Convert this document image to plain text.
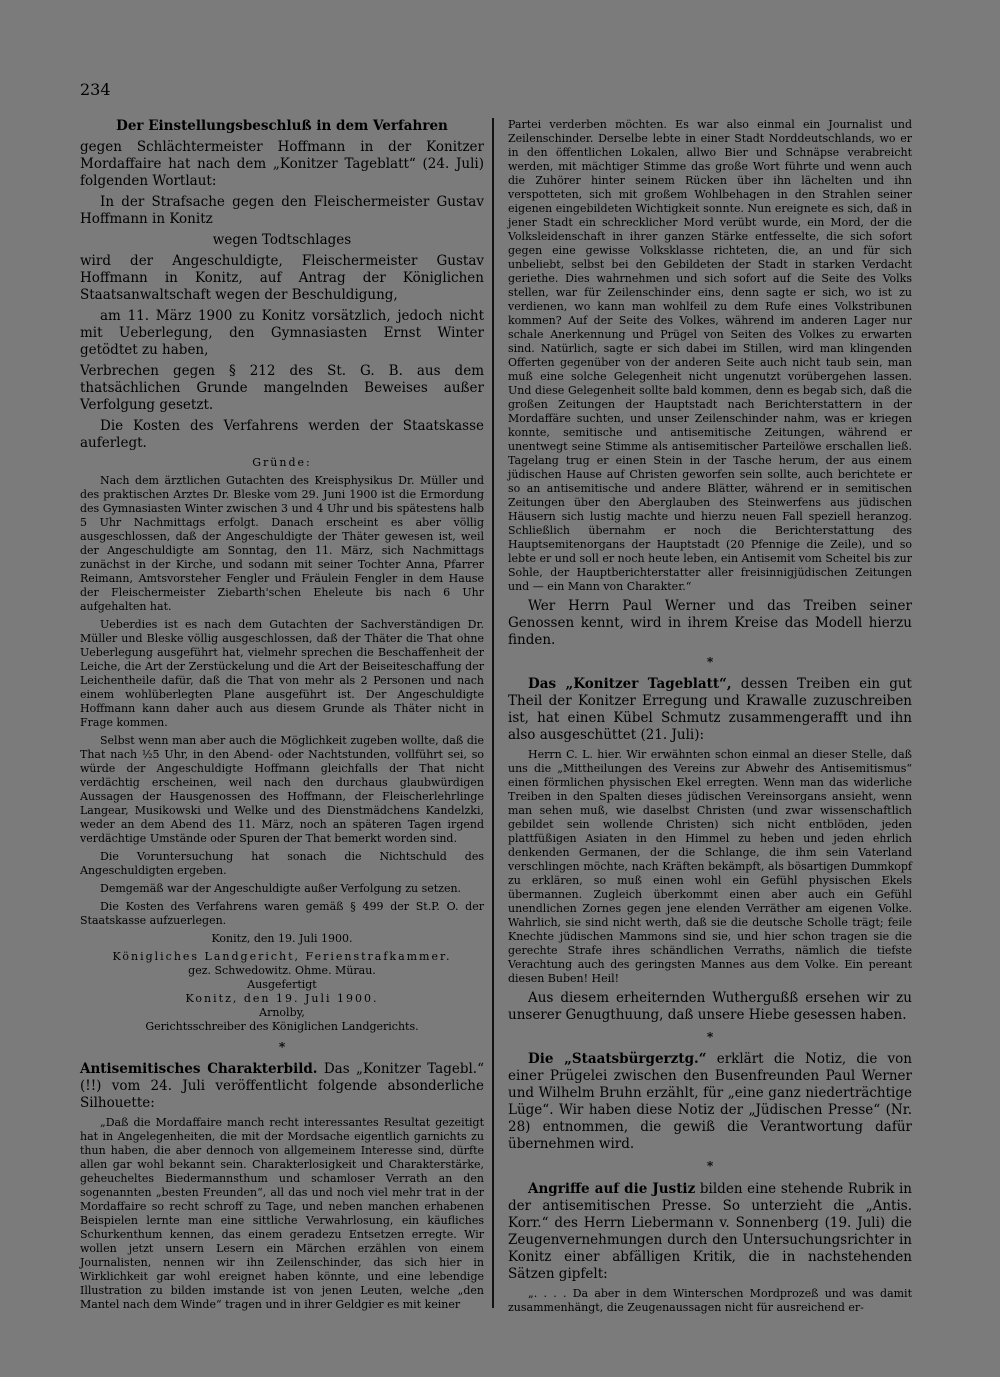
234

Der Einstellungsbeschluß in dem Verfahren

gegen Schlächtermeister Hoffmann in der Konitzer Mordaffaire hat nach dem „Konitzer Tageblatt“ (24. Juli) folgenden Wortlaut:

In der Strafsache gegen den Fleischermeister Gustav Hoffmann in Konitz

wegen Todtschlages

wird der Angeschuldigte, Fleischermeister Gustav Hoffmann in Konitz, auf Antrag der Königlichen Staatsanwaltschaft wegen der Beschuldigung,

am 11. März 1900 zu Konitz vorsätzlich, jedoch nicht mit Ueberlegung, den Gymnasiasten Ernst Winter getödtet zu haben,

Verbrechen gegen § 212 des St. G. B. aus dem thatsächlichen Grunde mangelnden Beweises außer Verfolgung gesetzt.

Die Kosten des Verfahrens werden der Staatskasse auferlegt.

Gründe:

Nach dem ärztlichen Gutachten des Kreisphysikus Dr. Müller und des praktischen Arztes Dr. Bleske vom 29. Juni 1900 ist die Ermordung des Gymnasiasten Winter zwischen 3 und 4 Uhr und bis spätestens halb 5 Uhr Nachmittags erfolgt. Danach erscheint es aber völlig ausgeschlossen, daß der Angeschuldigte der Thäter gewesen ist, weil der Angeschuldigte am Sonntag, den 11. März, sich Nachmittags zunächst in der Kirche, und sodann mit seiner Tochter Anna, Pfarrer Reimann, Amtsvorsteher Fengler und Fräulein Fengler in dem Hause der Fleischermeister Ziebarth'schen Eheleute bis nach 6 Uhr aufgehalten hat.

Ueberdies ist es nach dem Gutachten der Sachverständigen Dr. Müller und Bleske völlig ausgeschlossen, daß der Thäter die That ohne Ueberlegung ausgeführt hat, vielmehr sprechen die Beschaffenheit der Leiche, die Art der Zerstückelung und die Art der Beiseiteschaffung der Leichentheile dafür, daß die That von mehr als 2 Personen und nach einem wohlüberlegten Plane ausgeführt ist. Der Angeschuldigte Hoffmann kann daher auch aus diesem Grunde als Thäter nicht in Frage kommen.

Selbst wenn man aber auch die Möglichkeit zugeben wollte, daß die That nach ½5 Uhr, in den Abend- oder Nachtstunden, vollführt sei, so würde der Angeschuldigte Hoffmann gleichfalls der That nicht verdächtig erscheinen, weil nach den durchaus glaubwürdigen Aussagen der Hausgenossen des Hoffmann, der Fleischerlehrlinge Langear, Musikowski und Welke und des Dienstmädchens Kandelzki, weder an dem Abend des 11. März, noch an späteren Tagen irgend verdächtige Umstände oder Spuren der That bemerkt worden sind.

Die Voruntersuchung hat sonach die Nichtschuld des Angeschuldigten ergeben.

Demgemäß war der Angeschuldigte außer Verfolgung zu setzen.

Die Kosten des Verfahrens waren gemäß § 499 der St.P. O. der Staatskasse aufzuerlegen.

Konitz, den 19. Juli 1900.

Königliches Landgericht, Ferienstrafkammer.

gez. Schwedowitz. Ohme. Mürau.

Ausgefertigt

Konitz, den 19. Juli 1900.

Arnolby,

Gerichtsschreiber des Königlichen Landgerichts.

*

Antisemitisches Charakterbild. Das „Konitzer Tagebl.“ (!!) vom 24. Juli veröffentlicht folgende absonderliche Silhouette:

„Daß die Mordaffaire manch recht interessantes Resultat gezeitigt hat in Angelegenheiten, die mit der Mordsache eigentlich garnichts zu thun haben, die aber dennoch von allgemeinem Interesse sind, dürfte allen gar wohl bekannt sein. Charakterlosigkeit und Charakterstärke, geheucheltes Biedermannsthum und schamloser Verrath an den sogenannten „besten Freunden“, all das und noch viel mehr trat in der Mordaffaire so recht schroff zu Tage, und neben manchen erhabenen Beispielen lernte man eine sittliche Verwahrlosung, ein käufliches Schurkenthum kennen, das einem geradezu Entsetzen erregte. Wir wollen jetzt unsern Lesern ein Märchen erzählen von einem Journalisten, nennen wir ihn Zeilenschinder, das sich hier in Wirklichkeit gar wohl ereignet haben könnte, und eine lebendige Illustration zu bilden imstande ist von jenen Leuten, welche „den Mantel nach dem Winde“ tragen und in ihrer Geldgier es mit keiner

Partei verderben möchten. Es war also einmal ein Journalist und Zeilenschinder. Derselbe lebte in einer Stadt Norddeutschlands, wo er in den öffentlichen Lokalen, allwo Bier und Schnäpse verabreicht werden, mit mächtiger Stimme das große Wort führte und wenn auch die Zuhörer hinter seinem Rücken über ihn lächelten und ihn verspotteten, sich mit großem Wohlbehagen in den Strahlen seiner eigenen eingebildeten Wichtigkeit sonnte. Nun ereignete es sich, daß in jener Stadt ein schrecklicher Mord verübt wurde, ein Mord, der die Volksleidenschaft in ihrer ganzen Stärke entfesselte, die sich sofort gegen eine gewisse Volksklasse richteten, die, an und für sich unbeliebt, selbst bei den Gebildeten der Stadt in starken Verdacht geriethe. Dies wahrnehmen und sich sofort auf die Seite des Volks stellen, war für Zeilenschinder eins, denn sagte er sich, wo ist zu verdienen, wo kann man wohlfeil zu dem Rufe eines Volkstribunen kommen? Auf der Seite des Volkes, während im anderen Lager nur schale Anerkennung und Prügel von Seiten des Volkes zu erwarten sind. Natürlich, sagte er sich dabei im Stillen, wird man klingenden Offerten gegenüber von der anderen Seite auch nicht taub sein, man muß eine solche Gelegenheit nicht ungenutzt vorübergehen lassen. Und diese Gelegenheit sollte bald kommen, denn es begab sich, daß die großen Zeitungen der Hauptstadt nach Berichterstattern in der Mordaffäre suchten, und unser Zeilenschinder nahm, was er kriegen konnte, semitische und antisemitische Zeitungen, während er unentwegt seine Stimme als antisemitischer Parteilöwe erschallen ließ. Tagelang trug er einen Stein in der Tasche herum, der aus einem jüdischen Hause auf Christen geworfen sein sollte, auch berichtete er so an antisemitische und andere Blätter, während er in semitischen Zeitungen über den Aberglauben des Steinwerfens aus jüdischen Häusern sich lustig machte und hierzu neuen Fall speziell heranzog. Schließlich übernahm er noch die Berichterstattung des Hauptsemitenorgans der Hauptstadt (20 Pfennige die Zeile), und so lebte er und soll er noch heute leben, ein Antisemit vom Scheitel bis zur Sohle, der Hauptberichterstatter aller freisinnigjüdischen Zeitungen und — ein Mann von Charakter.“

Wer Herrn Paul Werner und das Treiben seiner Genossen kennt, wird in ihrem Kreise das Modell hierzu finden.

*

Das „Konitzer Tageblatt“, dessen Treiben ein gut Theil der Konitzer Erregung und Krawalle zuzuschreiben ist, hat einen Kübel Schmutz zusammengerafft und ihn also ausgeschüttet (21. Juli):

Herrn C. L. hier. Wir erwähnten schon einmal an dieser Stelle, daß uns die „Mittheilungen des Vereins zur Abwehr des Antisemitismus“ einen förmlichen physischen Ekel erregten. Wenn man das widerliche Treiben in den Spalten dieses jüdischen Vereinsorgans ansieht, wenn man sehen muß, wie daselbst Christen (und zwar wissenschaftlich gebildet sein wollende Christen) sich nicht entblöden, jeden plattfüßigen Asiaten in den Himmel zu heben und jeden ehrlich denkenden Germanen, der die Schlange, die ihm sein Vaterland verschlingen möchte, nach Kräften bekämpft, als bösartigen Dummkopf zu erklären, so muß einen wohl ein Gefühl physischen Ekels übermannen. Zugleich überkommt einen aber auch ein Gefühl unendlichen Zornes gegen jene elenden Verräther am eigenen Volke. Wahrlich, sie sind nicht werth, daß sie die deutsche Scholle trägt; feile Knechte jüdischen Mammons sind sie, und hier schon tragen sie die gerechte Strafe ihres schändlichen Verraths, nämlich die tiefste Verachtung auch des geringsten Mannes aus dem Volke. Ein pereant diesen Buben! Heil!

Aus diesem erheiternden Wuthergußß ersehen wir zu unserer Genugthuung, daß unsere Hiebe gesessen haben.

*

Die „Staatsbürgerztg.“ erklärt die Notiz, die von einer Prügelei zwischen den Busenfreunden Paul Werner und Wilhelm Bruhn erzählt, für „eine ganz niederträchtige Lüge“. Wir haben diese Notiz der „Jüdischen Presse“ (Nr. 28) entnommen, die gewiß die Verantwortung dafür übernehmen wird.

*

Angriffe auf die Justiz bilden eine stehende Rubrik in der antisemitischen Presse. So unterzieht die „Antis. Korr.“ des Herrn Liebermann v. Sonnenberg (19. Juli) die Zeugenvernehmungen durch den Untersuchungsrichter in Konitz einer abfälligen Kritik, die in nachstehenden Sätzen gipfelt:

„. . . . Da aber in dem Winterschen Mordprozeß und was damit zusammenhängt, die Zeugenaussagen nicht für ausreichend er-
